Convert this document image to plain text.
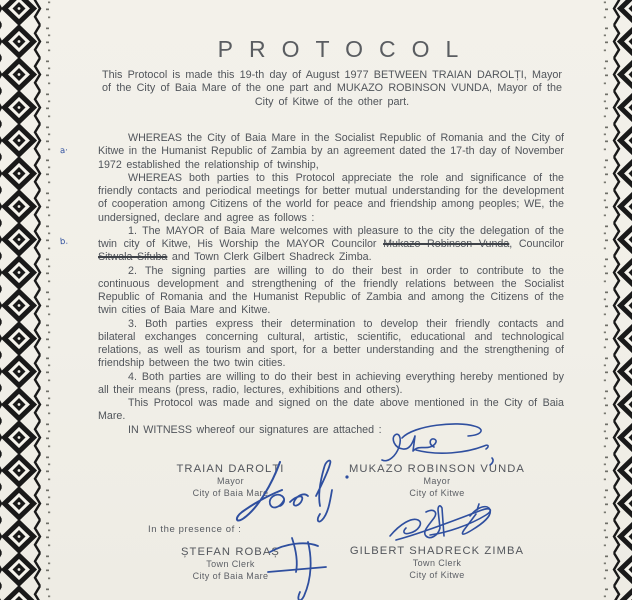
a·
b.
PROTOCOL
This Protocol is made this 19-th day of August 1977 BETWEEN TRAIAN DAROLȚI, Mayor of the City of Baia Mare of the one part and MUKAZO ROBINSON VUNDA, Mayor of the City of Kitwe of the other part.

WHEREAS the City of Baia Mare in the Socialist Republic of Romania and the City of Kitwe in the Humanist Republic of Zambia by an agreement dated the 17-th day of November 1972 established the relationship of twinship,

WHEREAS both parties to this Protocol appreciate the role and significance of the friendly contacts and periodical meetings for better mutual understanding for the development of cooperation among Citizens of the world for peace and friendship among peoples; WE, the undersigned, declare and agree as follows :

1. The MAYOR of Baia Mare welcomes with pleasure to the city the delegation of the twin city of Kitwe, His Worship the MAYOR Councilor Mukazo Robinson Vunda, Councilor Sitwala Sifuba and Town Clerk Gilbert Shadreck Zimba.

2. The signing parties are willing to do their best in order to contribute to the continuous development and strengthening of the friendly relations between the Socialist Republic of Romania and the Humanist Republic of Zambia and among the Citizens of the twin cities of Baia Mare and Kitwe.

3. Both parties express their determination to develop their friendly contacts and bilateral exchanges concerning cultural, artistic, scientific, educational and technological relations, as well as tourism and sport, for a better understanding and the strengthening of friendship between the two twin cities.

4. Both parties are willing to do their best in achieving everything hereby mentioned by all their means (press, radio, lectures, exhibitions and others).

This Protocol was made and signed on the date above mentioned in the City of Baia Mare.

IN WITNESS whereof our signatures are attached :

TRAIAN DAROLȚI
Mayor
City of Baia Mare
MUKAZO ROBINSON VUNDA
Mayor
City of Kitwe
In the presence of :
ȘTEFAN ROBAȘ
Town Clerk
City of Baia Mare
GILBERT SHADRECK ZIMBA
Town Clerk
City of Kitwe
